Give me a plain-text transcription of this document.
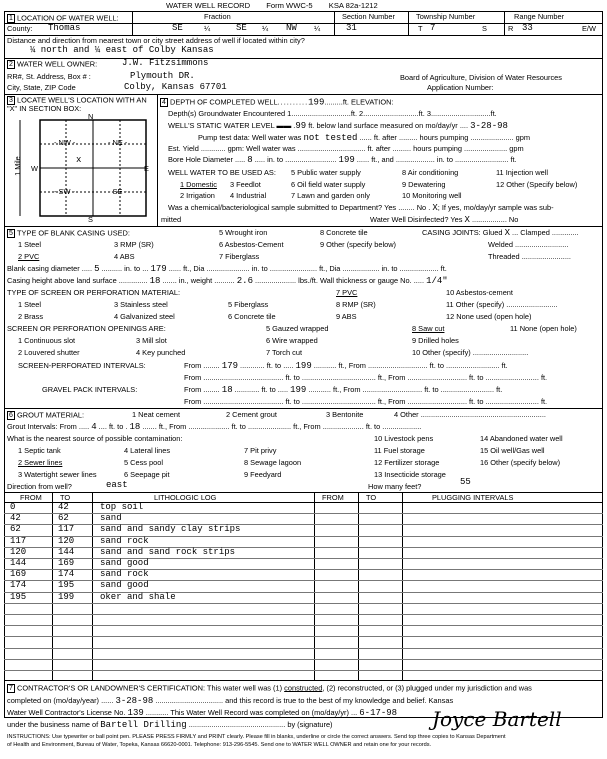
WATER WELL RECORD Form WWC-5 KSA 82a-1212
1 LOCATION OF WATER WELL:	Fraction	Section Number	Township Number	Range Number
County: Thomas	SE	¼	SE ¼ NW ¼	31	T 7	S	R 33	E/W
Distance and direction from nearest town or city street address of well if located within city?
¼ north and ¼ east of Colby Kansas
2 WATER WELL OWNER:	J.W. Fitzsimmons
RR#, St. Address, Box # :	Plymouth DR.	Board of Agriculture, Division of Water Resources
City, State, ZIP Code	Colby, Kansas 67701	Application Number:
3 LOCATE WELL'S LOCATION WITH AN "X" IN SECTION BOX:
N
S
W	E
- NW -	- NE -
- SW -	- SE -
x
1 Mile
4 DEPTH OF COMPLETED WELL..........199.........ft. ELEVATION:
Depth(s) Groundwater Encountered 1.............................ft. 2...........................ft. 3.............................ft.
WELL'S STATIC WATER LEVEL ▬▬ .99 ft. below land surface measured on mo/day/yr .... 3-28-98
Pump test data: Well water was not tested ...... ft. after ......... hours pumping ..................... gpm
Est. Yield ............ gpm: Well water was ................................. ft. after ......... hours pumping ..................... gpm
Bore Hole Diameter ..... 8 ..... in. to ......................... 199 ...... ft., and ................... in. to .......................... ft.
WELL WATER TO BE USED AS: 5 Public water supply	8 Air conditioning	11 Injection well
1 Domestic 3 Feedlot	6 Oil field water supply	9 Dewatering	12 Other (Specify below)
2 Irrigation 4 Industrial	7 Lawn and garden only	10 Monitoring well
Was a chemical/bacteriological sample submitted to Department? Yes ........ No . X; If yes, mo/day/yr sample was sub-
mitted	Water Well Disinfected? Yes X ................. No
5 TYPE OF BLANK CASING USED:	5 Wrought iron	8 Concrete tile	CASING JOINTS: Glued X ... Clamped .............
1 Steel	3 RMP (SR)	6 Asbestos-Cement	9 Other (specify below)	Welded ..........................
2 PVC	4 ABS	7 Fiberglass	Threaded ........................
Blank casing diameter ..... 5 .......... in. to ... 179 ...... ft., Dia ..................... in. to ....................... ft., Dia .................. in. to ................... ft.
Casing height above land surface .............. 18 ....... in., weight .......... 2.6 .................... lbs./ft. Wall thickness or gauge No. ..... 1/4"
TYPE OF SCREEN OR PERFORATION MATERIAL:	7 PVC	10 Asbestos-cement
1 Steel	3 Stainless steel	5 Fiberglass	8 RMP (SR)	11 Other (specify) .........................
2 Brass	4 Galvanized steel	6 Concrete tile	9 ABS	12 None used (open hole)
SCREEN OR PERFORATION OPENINGS ARE:	5 Gauzed wrapped	8 Saw cut	11 None (open hole)
1 Continuous slot	3 Mill slot	6 Wire wrapped	9 Drilled holes
2 Louvered shutter	4 Key punched	7 Torch cut	10 Other (specify) ...........................
SCREEN-PERFORATED INTERVALS:	From ........ 179 ............ ft. to ..... 199 ........... ft., From ............................. ft. to .......................... ft.
From ....................................... ft. to .................................... ft., From ............................. ft. to .......................... ft.
GRAVEL PACK INTERVALS:	From ........ 18 ............ ft. to ..... 199 ........... ft., From ............................. ft. to .......................... ft.
From ....................................... ft. to .................................... ft., From ............................. ft. to .......................... ft.
6 GROUT MATERIAL:	1 Neat cement	2 Cement grout	3 Bentonite	4 Other .............................................................
Grout Intervals: From ..... 4 .... ft. to . 18 ....... ft., From .................... ft. to ..................... ft., From .................... ft. to ...................
What is the nearest source of possible contamination:	10 Livestock pens	14 Abandoned water well
1 Septic tank	4 Lateral lines	7 Pit privy	11 Fuel storage	15 Oil well/Gas well
2 Sewer lines	5 Cess pool	8 Sewage lagoon	12 Fertilizer storage	16 Other (specify below)
3 Watertight sewer lines	6 Seepage pit	9 Feedyard	13 Insecticide storage
Direction from well?	east	How many feet?	55
FROM TO	LITHOLOGIC LOG	FROM	TO	PLUGGING INTERVALS
0	42	top soil
42	62	sand
62	117	sand and sandy clay strips
117	120	sand rock
120	144	sand and sand rock strips
144	169	sand good
169	174	sand rock
174	195	sand good
195	199	oker and shale
7 CONTRACTOR'S OR LANDOWNER'S CERTIFICATION: This water well was (1) constructed, (2) reconstructed, or (3) plugged under my jurisdiction and was
completed on (mo/day/year) ...... 3-28-98 ................................. and this record is true to the best of my knowledge and belief. Kansas
Water Well Contractor's License No. 139 ........... This Water Well Record was completed on (mo/day/yr) ... 6-17-98
under the business name of Bartell Drilling ............................................... by (signature)	Joyce Bartell
INSTRUCTIONS: Use typewriter or ball point pen. PLEASE PRESS FIRMLY and PRINT clearly. Please fill in blanks, underline or circle the correct answers. Send top three copies to Kansas Department
of Health and Environment, Bureau of Water, Topeka, Kansas 66620-0001. Telephone: 913-296-5545. Send one to WATER WELL OWNER and retain one for your records.
